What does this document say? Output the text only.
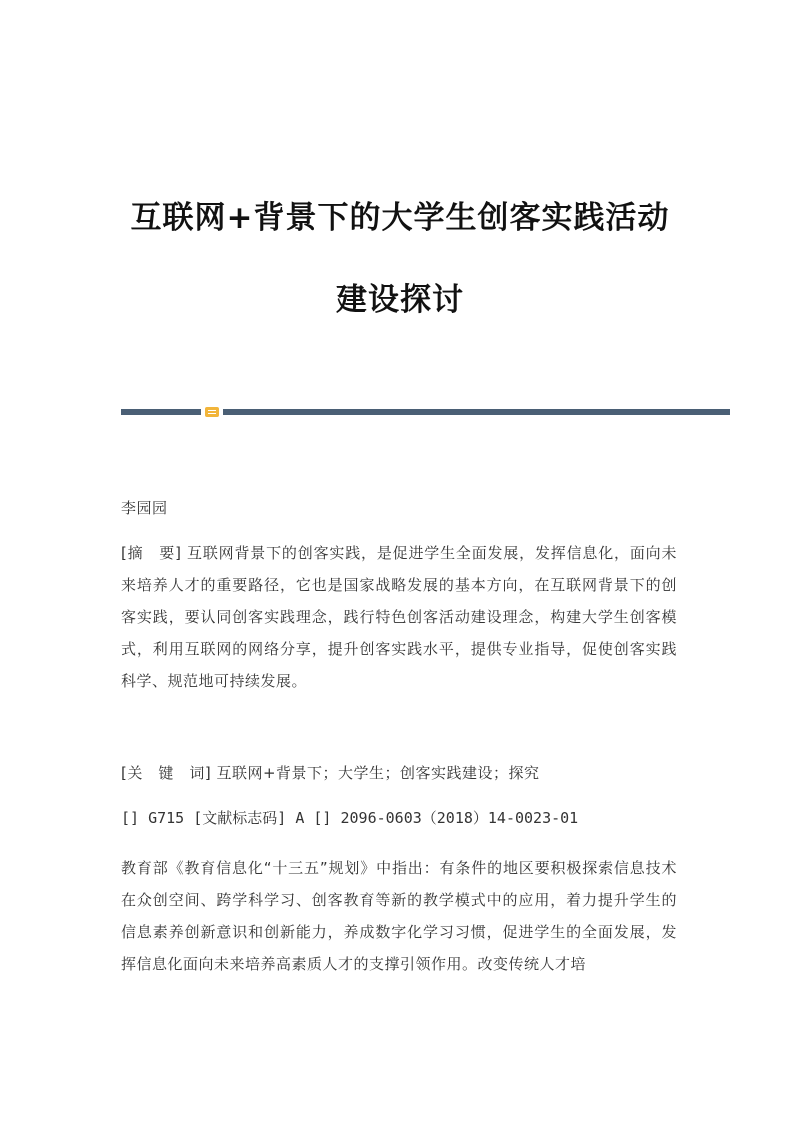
互联网+背景下的大学生创客实践活动
建设探讨

李园园

[摘　要] 互联网背景下的创客实践，是促进学生全面发展，发挥信息化，面向未来培养人才的重要路径，它也是国家战略发展的基本方向，在互联网背景下的创客实践，要认同创客实践理念，践行特色创客活动建设理念，构建大学生创客模式，利用互联网的网络分享，提升创客实践水平，提供专业指导，促使创客实践科学、规范地可持续发展。

[关　键　词] 互联网+背景下；大学生；创客实践建设；探究

[] G715 [文献标志码] A [] 2096-0603（2018）14-0023-01

教育部《教育信息化“十三五”规划》中指出：有条件的地区要积极探索信息技术在众创空间、跨学科学习、创客教育等新的教学模式中的应用，着力提升学生的信息素养创新意识和创新能力，养成数字化学习习惯，促进学生的全面发展，发挥信息化面向未来培养高素质人才的支撑引领作用。改变传统人才培
